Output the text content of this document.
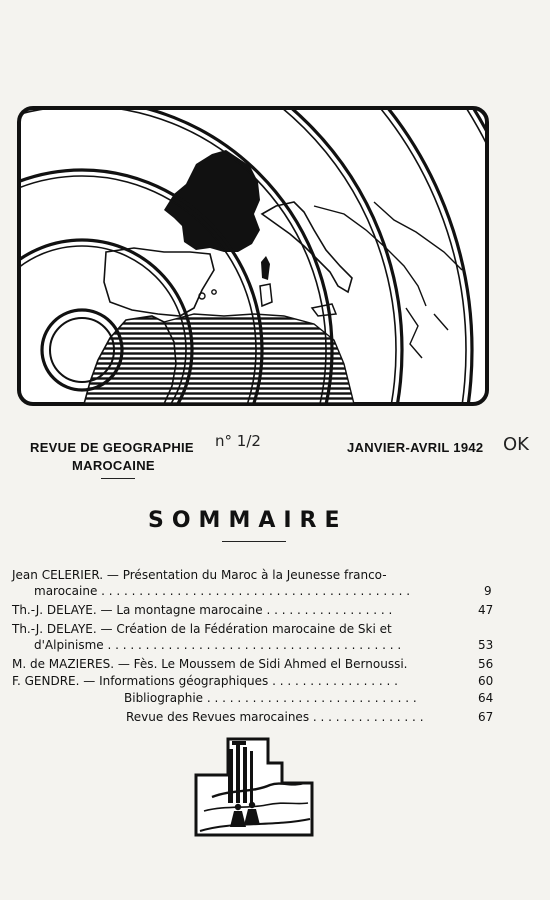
REVUE DE GEOGRAPHIE
MAROCAINE
n° 1/2	JANVIER-AVRIL 1942 OK
SOMMAIRE
Jean CELERIER. — Présentation du Maroc à la Jeunesse franco-
marocaine . . . . . . . . . . . . . . . . . . . . . . . . . . . . . . . . . . . . . . . . .	9
Th.-J. DELAYE. — La montagne marocaine . . . . . . . . . . . . . . . . .	47
Th.-J. DELAYE. — Création de la Fédération marocaine de Ski et
d'Alpinisme . . . . . . . . . . . . . . . . . . . . . . . . . . . . . . . . . . . . . . .	53
M. de MAZIERES. — Fès. Le Moussem de Sidi Ahmed el Bernoussi.	56
F. GENDRE. — Informations géographiques . . . . . . . . . . . . . . . . .	60
Bibliographie . . . . . . . . . . . . . . . . . . . . . . . . . . . .	64
Revue des Revues marocaines . . . . . . . . . . . . . . .	67
